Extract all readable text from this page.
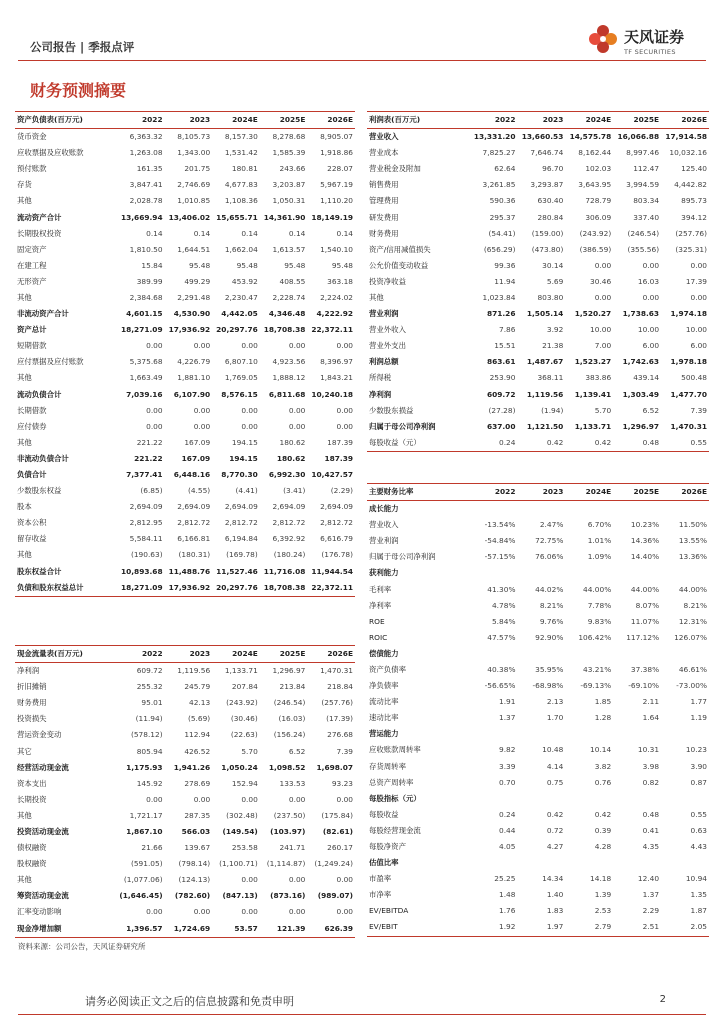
公司报告 | 季报点评
天风证券
TF SECURITIES
财务预测摘要
资产负债表(百万元)	2022	2023	2024E	2025E	2026E
货币资金	6,363.32	8,105.73	8,157.30	8,278.68	8,905.07
应收票据及应收账款	1,263.08	1,343.00	1,531.42	1,585.39	1,918.86
预付账款	161.35	201.75	180.81	243.66	228.07
存货	3,847.41	2,746.69	4,677.83	3,203.87	5,967.19
其他	2,028.78	1,010.85	1,108.36	1,050.31	1,110.20
流动资产合计	13,669.94	13,406.02	15,655.71	14,361.90	18,149.19
长期股权投资	0.14	0.14	0.14	0.14	0.14
固定资产	1,810.50	1,644.51	1,662.04	1,613.57	1,540.10
在建工程	15.84	95.48	95.48	95.48	95.48
无形资产	389.99	499.29	453.92	408.55	363.18
其他	2,384.68	2,291.48	2,230.47	2,228.74	2,224.02
非流动资产合计	4,601.15	4,530.90	4,442.05	4,346.48	4,222.92
资产总计	18,271.09	17,936.92	20,297.76	18,708.38	22,372.11
短期借款	0.00	0.00	0.00	0.00	0.00
应付票据及应付账款	5,375.68	4,226.79	6,807.10	4,923.56	8,396.97
其他	1,663.49	1,881.10	1,769.05	1,888.12	1,843.21
流动负债合计	7,039.16	6,107.90	8,576.15	6,811.68	10,240.18
长期借款	0.00	0.00	0.00	0.00	0.00
应付债券	0.00	0.00	0.00	0.00	0.00
其他	221.22	167.09	194.15	180.62	187.39
非流动负债合计	221.22	167.09	194.15	180.62	187.39
负债合计	7,377.41	6,448.16	8,770.30	6,992.30	10,427.57
少数股东权益	(6.85)	(4.55)	(4.41)	(3.41)	(2.29)
股本	2,694.09	2,694.09	2,694.09	2,694.09	2,694.09
资本公积	2,812.95	2,812.72	2,812.72	2,812.72	2,812.72
留存收益	5,584.11	6,166.81	6,194.84	6,392.92	6,616.79
其他	(190.63)	(180.31)	(169.78)	(180.24)	(176.78)
股东权益合计	10,893.68	11,488.76	11,527.46	11,716.08	11,944.54
负债和股东权益总计	18,271.09	17,936.92	20,297.76	18,708.38	22,372.11
利润表(百万元)	2022	2023	2024E	2025E	2026E
营业收入	13,331.20	13,660.53	14,575.78	16,066.88	17,914.58
营业成本	7,825.27	7,646.74	8,162.44	8,997.46	10,032.16
营业税金及附加	62.64	96.70	102.03	112.47	125.40
销售费用	3,261.85	3,293.87	3,643.95	3,994.59	4,442.82
管理费用	590.36	630.40	728.79	803.34	895.73
研发费用	295.37	280.84	306.09	337.40	394.12
财务费用	(54.41)	(159.00)	(243.92)	(246.54)	(257.76)
资产/信用减值损失	(656.29)	(473.80)	(386.59)	(355.56)	(325.31)
公允价值变动收益	99.36	30.14	0.00	0.00	0.00
投资净收益	11.94	5.69	30.46	16.03	17.39
其他	1,023.84	803.80	0.00	0.00	0.00
营业利润	871.26	1,505.14	1,520.27	1,738.63	1,974.18
营业外收入	7.86	3.92	10.00	10.00	10.00
营业外支出	15.51	21.38	7.00	6.00	6.00
利润总额	863.61	1,487.67	1,523.27	1,742.63	1,978.18
所得税	253.90	368.11	383.86	439.14	500.48
净利润	609.72	1,119.56	1,139.41	1,303.49	1,477.70
少数股东损益	(27.28)	(1.94)	5.70	6.52	7.39
归属于母公司净利润	637.00	1,121.50	1,133.71	1,296.97	1,470.31
每股收益（元）	0.24	0.42	0.42	0.48	0.55
主要财务比率	2022	2023	2024E	2025E	2026E
成长能力					
营业收入	-13.54%	2.47%	6.70%	10.23%	11.50%
营业利润	-54.84%	72.75%	1.01%	14.36%	13.55%
归属于母公司净利润	-57.15%	76.06%	1.09%	14.40%	13.36%
获利能力					
毛利率	41.30%	44.02%	44.00%	44.00%	44.00%
净利率	4.78%	8.21%	7.78%	8.07%	8.21%
ROE	5.84%	9.76%	9.83%	11.07%	12.31%
ROIC	47.57%	92.90%	106.42%	117.12%	126.07%
偿债能力					
资产负债率	40.38%	35.95%	43.21%	37.38%	46.61%
净负债率	-56.65%	-68.98%	-69.13%	-69.10%	-73.00%
流动比率	1.91	2.13	1.85	2.11	1.77
速动比率	1.37	1.70	1.28	1.64	1.19
营运能力					
应收账款周转率	9.82	10.48	10.14	10.31	10.23
存货周转率	3.39	4.14	3.82	3.98	3.90
总资产周转率	0.70	0.75	0.76	0.82	0.87
每股指标（元）					
每股收益	0.24	0.42	0.42	0.48	0.55
每股经营现金流	0.44	0.72	0.39	0.41	0.63
每股净资产	4.05	4.27	4.28	4.35	4.43
估值比率					
市盈率	25.25	14.34	14.18	12.40	10.94
市净率	1.48	1.40	1.39	1.37	1.35
EV/EBITDA	1.76	1.83	2.53	2.29	1.87
EV/EBIT	1.92	1.97	2.79	2.51	2.05
现金流量表(百万元)	2022	2023	2024E	2025E	2026E
净利润	609.72	1,119.56	1,133.71	1,296.97	1,470.31
折旧摊销	255.32	245.79	207.84	213.84	218.84
财务费用	95.01	42.13	(243.92)	(246.54)	(257.76)
投资损失	(11.94)	(5.69)	(30.46)	(16.03)	(17.39)
营运资金变动	(578.12)	112.94	(22.63)	(156.24)	276.68
其它	805.94	426.52	5.70	6.52	7.39
经营活动现金流	1,175.93	1,941.26	1,050.24	1,098.52	1,698.07
资本支出	145.92	278.69	152.94	133.53	93.23
长期投资	0.00	0.00	0.00	0.00	0.00
其他	1,721.17	287.35	(302.48)	(237.50)	(175.84)
投资活动现金流	1,867.10	566.03	(149.54)	(103.97)	(82.61)
债权融资	21.66	139.67	253.58	241.71	260.17
股权融资	(591.05)	(798.14)	(1,100.71)	(1,114.87)	(1,249.24)
其他	(1,077.06)	(124.13)	0.00	0.00	0.00
筹资活动现金流	(1,646.45)	(782.60)	(847.13)	(873.16)	(989.07)
汇率变动影响	0.00	0.00	0.00	0.00	0.00
现金净增加额	1,396.57	1,724.69	53.57	121.39	626.39
资料来源：公司公告，天风证券研究所
请务必阅读正文之后的信息披露和免责申明	2
